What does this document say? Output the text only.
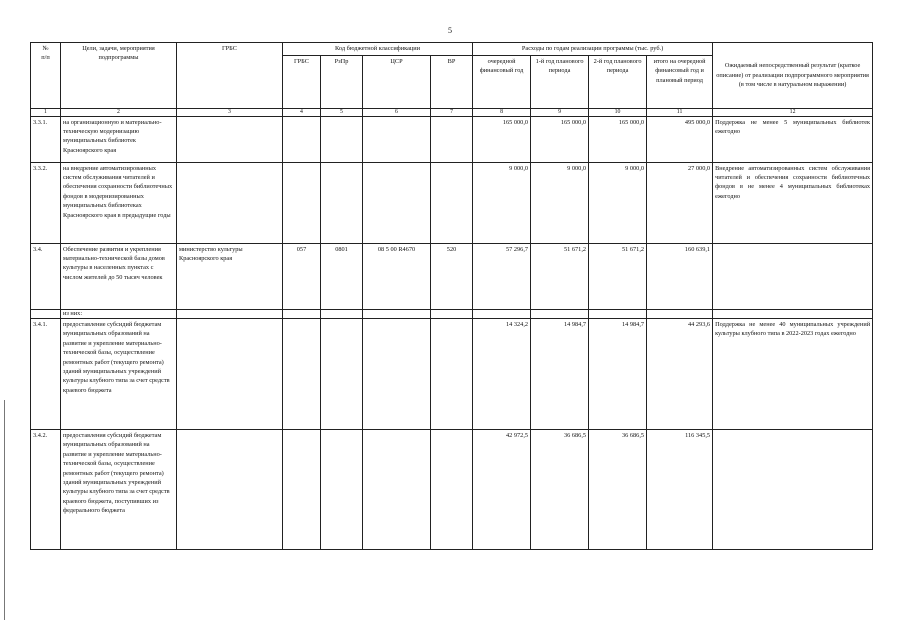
5
№
п/п	Цели, задачи, мероприятия подпрограммы	ГРБС	Код бюджетной классификации				Расходы по годам реализации программы (тыс. руб.)				Ожидаемый непосредственный результат (краткое описание) от реализации подпрограммного мероприятия (в том числе в натуральном выражении)
			ГРБС	РзПр	ЦСР	ВР	очередной финансовый год	1-й год планового периода	2-й год планового периода	итого на очередной финансовый год и плановый период	
1	2	3	4	5	6	7	8	9	10	11	12
3.3.1.	на организационную и материально-техническую модернизацию муниципальных библиотек Красноярского края						165 000,0	165 000,0	165 000,0	495 000,0	Поддержка не менее 5 муниципальных библиотек ежегодно
3.3.2.	на внедрение автоматизированных систем обслуживания читателей и обеспечения сохранности библиотечных фондов в модернизированных муниципальных библиотеках Красноярского края в предыдущие годы						9 000,0	9 000,0	9 000,0	27 000,0	Внедрение автоматизированных систем обслуживания читателей и обеспечения сохранности библиотечных фондов в не менее 4 муниципальных библиотеках ежегодно
3.4.	Обеспечение развития и укрепления материально-технической базы домов культуры в населенных пунктах с числом жителей до 50 тысяч человек	министерство культуры Красноярского края	057	0801	08 5 00 R4670	520	57 296,7	51 671,2	51 671,2	160 639,1	
	из них:										
3.4.1.	предоставление субсидий бюджетам муниципальных образований на развитие и укрепление материально-технической базы, осуществление ремонтных работ (текущего ремонта) зданий муниципальных учреждений культуры клубного типа за счет средств краевого бюджета						14 324,2	14 984,7	14 984,7	44 293,6	Поддержка не менее 40 муниципальных учреждений культуры клубного типа в 2022-2023 годах ежегодно
3.4.2.	предоставления субсидий бюджетам муниципальных образований на развитие и укрепление материально-технической базы, осуществление ремонтных работ (текущего ремонта) зданий муниципальных учреждений культуры клубного типа за счет средств краевого бюджета, поступивших из федерального бюджета						42 972,5	36 686,5	36 686,5	116 345,5	
